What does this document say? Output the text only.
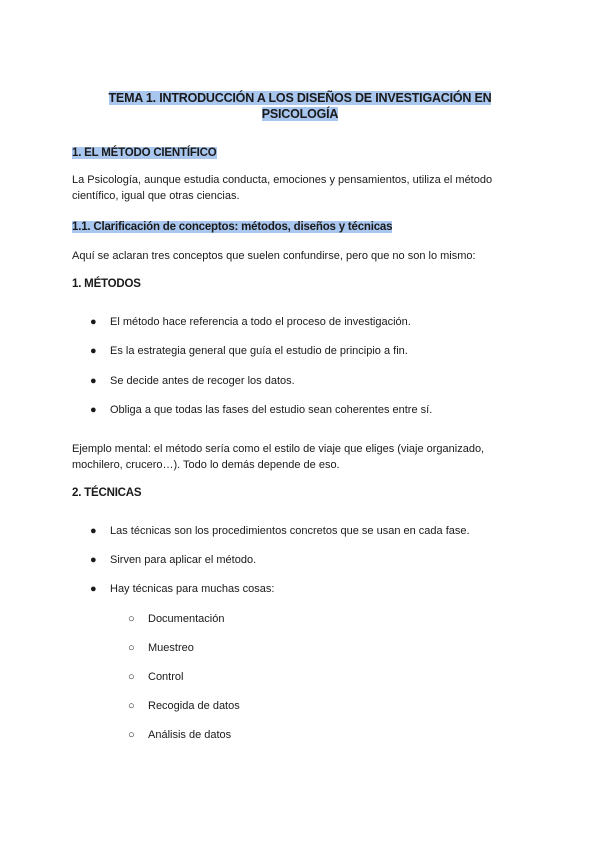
TEMA 1. INTRODUCCIÓN A LOS DISEÑOS DE INVESTIGACIÓN EN
PSICOLOGÍA
1. EL MÉTODO CIENTÍFICO
La Psicología, aunque estudia conducta, emociones y pensamientos, utiliza el método
científico, igual que otras ciencias.
1.1. Clarificación de conceptos: métodos, diseños y técnicas
Aquí se aclaran tres conceptos que suelen confundirse, pero que no son lo mismo:
1. MÉTODOS
●	El método hace referencia a todo el proceso de investigación.
●	Es la estrategia general que guía el estudio de principio a fin.
●	Se decide antes de recoger los datos.
●	Obliga a que todas las fases del estudio sean coherentes entre sí.
Ejemplo mental: el método sería como el estilo de viaje que eliges (viaje organizado,
mochilero, crucero…). Todo lo demás depende de eso.
2. TÉCNICAS
●	Las técnicas son los procedimientos concretos que se usan en cada fase.
●	Sirven para aplicar el método.
●	Hay técnicas para muchas cosas:
○	Documentación
○	Muestreo
○	Control
○	Recogida de datos
○	Análisis de datos
